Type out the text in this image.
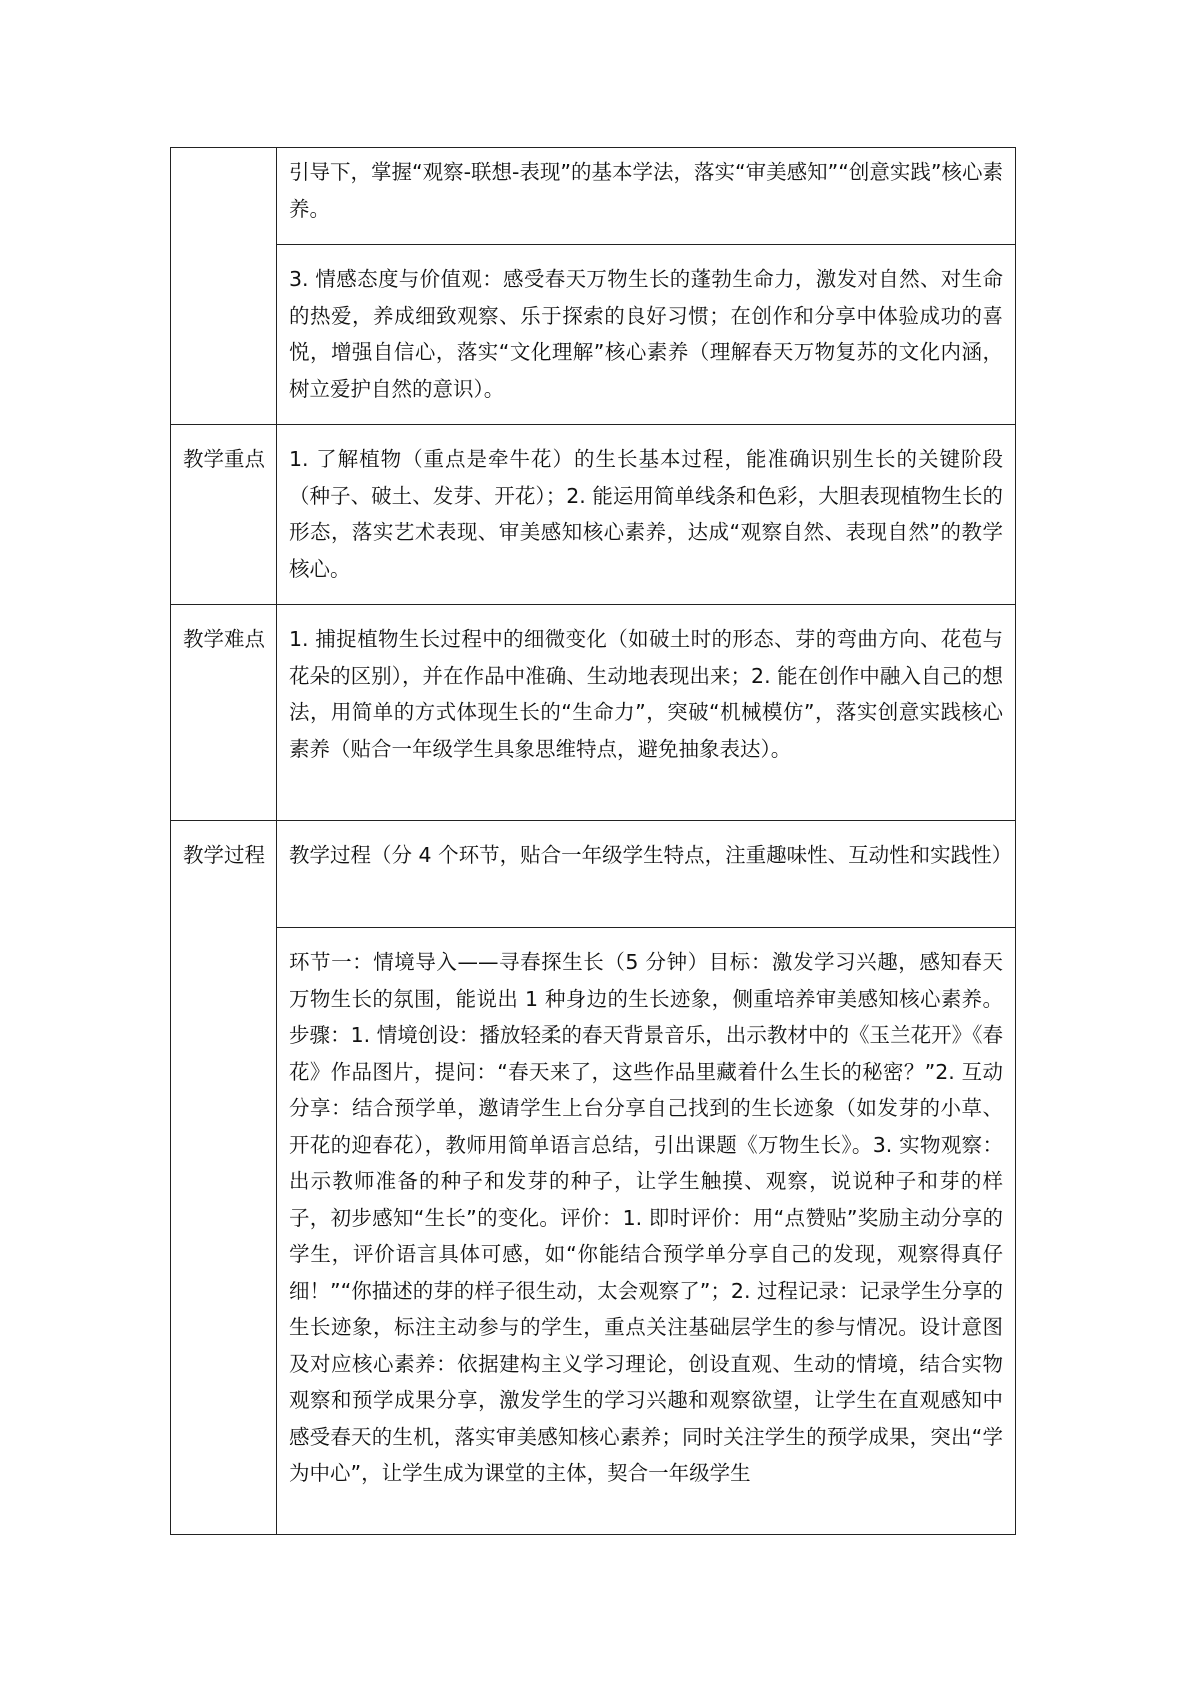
	引导下，掌握“观察-联想-表现”的基本学法，落实“审美感知”“创意实践”核心素养。

	3. 情感态度与价值观：感受春天万物生长的蓬勃生命力，激发对自然、对生命的热爱，养成细致观察、乐于探索的良好习惯；在创作和分享中体验成功的喜悦，增强自信心，落实“文化理解”核心素养（理解春天万物复苏的文化内涵，树立爱护自然的意识）。

教学重点	1. 了解植物（重点是牵牛花）的生长基本过程，能准确识别生长的关键阶段（种子、破土、发芽、开花）；2. 能运用简单线条和色彩，大胆表现植物生长的形态，落实艺术表现、审美感知核心素养，达成“观察自然、表现自然”的教学核心。

教学难点	1. 捕捉植物生长过程中的细微变化（如破土时的形态、芽的弯曲方向、花苞与花朵的区别），并在作品中准确、生动地表现出来；2. 能在创作中融入自己的想法，用简单的方式体现生长的“生命力”，突破“机械模仿”，落实创意实践核心素养（贴合一年级学生具象思维特点，避免抽象表达）。

教学过程	教学过程（分 4 个环节，贴合一年级学生特点，注重趣味性、互动性和实践性）

	环节一：情境导入——寻春探生长（5 分钟）目标：激发学习兴趣，感知春天万物生长的氛围，能说出 1 种身边的生长迹象，侧重培养审美感知核心素养。步骤：1. 情境创设：播放轻柔的春天背景音乐，出示教材中的《玉兰花开》《春花》作品图片，提问：“春天来了，这些作品里藏着什么生长的秘密？”2. 互动分享：结合预学单，邀请学生上台分享自己找到的生长迹象（如发芽的小草、开花的迎春花），教师用简单语言总结，引出课题《万物生长》。3. 实物观察：出示教师准备的种子和发芽的种子，让学生触摸、观察，说说种子和芽的样子，初步感知“生长”的变化。评价：1. 即时评价：用“点赞贴”奖励主动分享的学生，评价语言具体可感，如“你能结合预学单分享自己的发现，观察得真仔细！”“你描述的芽的样子很生动，太会观察了”；2. 过程记录：记录学生分享的生长迹象，标注主动参与的学生，重点关注基础层学生的参与情况。设计意图及对应核心素养：依据建构主义学习理论，创设直观、生动的情境，结合实物观察和预学成果分享，激发学生的学习兴趣和观察欲望，让学生在直观感知中感受春天的生机，落实审美感知核心素养；同时关注学生的预学成果，突出“学为中心”，让学生成为课堂的主体，契合一年级学生
